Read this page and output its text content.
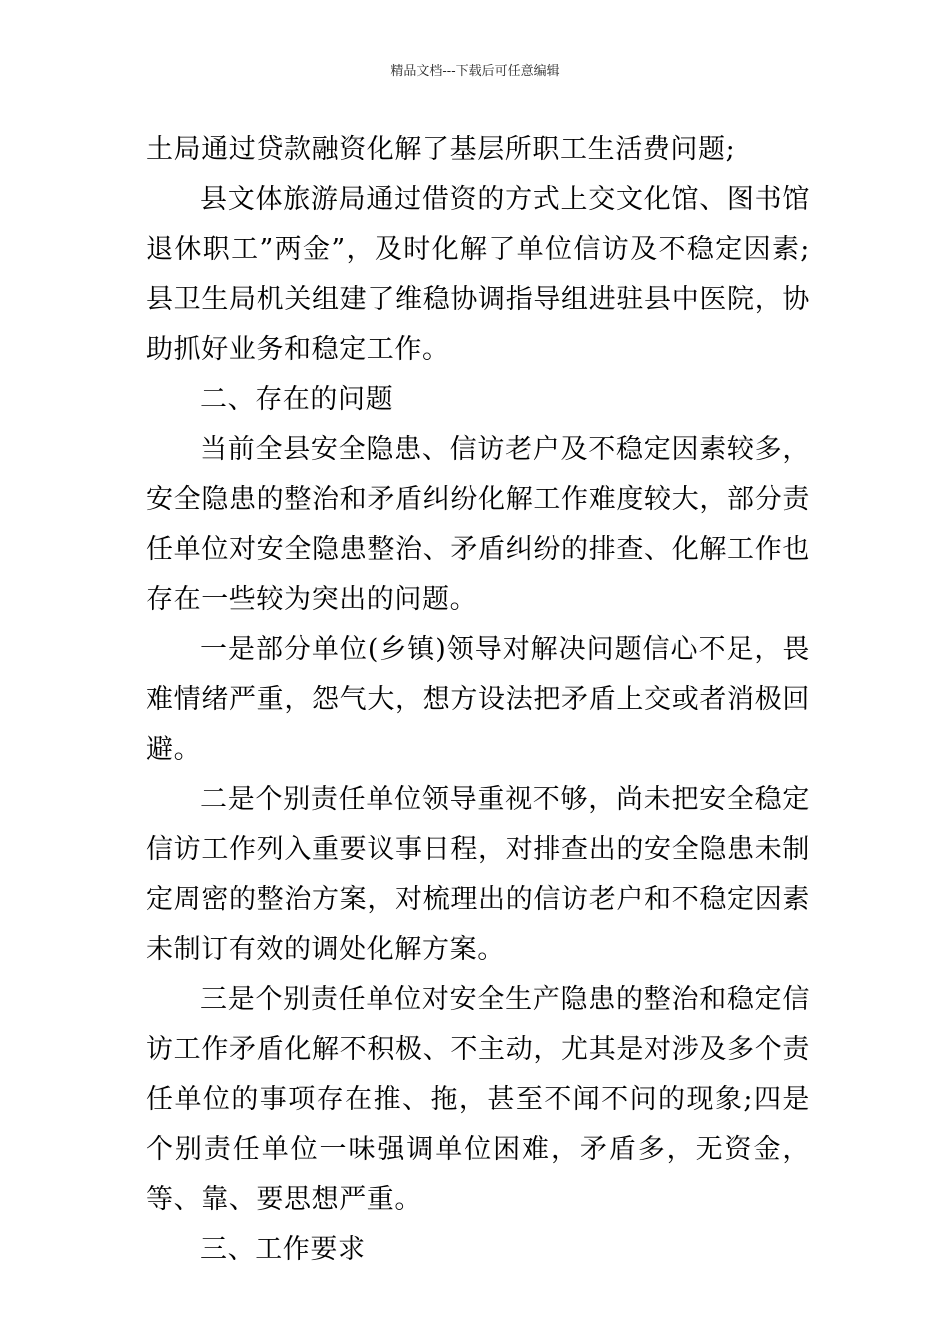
精品文档---下载后可任意编辑

土局通过贷款融资化解了基层所职工生活费问题;

县文体旅游局通过借资的方式上交文化馆、图书馆退休职工”两金”，及时化解了单位信访及不稳定因素;县卫生局机关组建了维稳协调指导组进驻县中医院，协助抓好业务和稳定工作。

二、存在的问题

当前全县安全隐患、信访老户及不稳定因素较多，安全隐患的整治和矛盾纠纷化解工作难度较大，部分责任单位对安全隐患整治、矛盾纠纷的排查、化解工作也存在一些较为突出的问题。

一是部分单位(乡镇)领导对解决问题信心不足，畏难情绪严重，怨气大，想方设法把矛盾上交或者消极回避。

二是个别责任单位领导重视不够，尚未把安全稳定信访工作列入重要议事日程，对排查出的安全隐患未制定周密的整治方案，对梳理出的信访老户和不稳定因素未制订有效的调处化解方案。

三是个别责任单位对安全生产隐患的整治和稳定信访工作矛盾化解不积极、不主动，尤其是对涉及多个责任单位的事项存在推、拖，甚至不闻不问的现象;四是个别责任单位一味强调单位困难，矛盾多，无资金，等、靠、要思想严重。

三、工作要求
